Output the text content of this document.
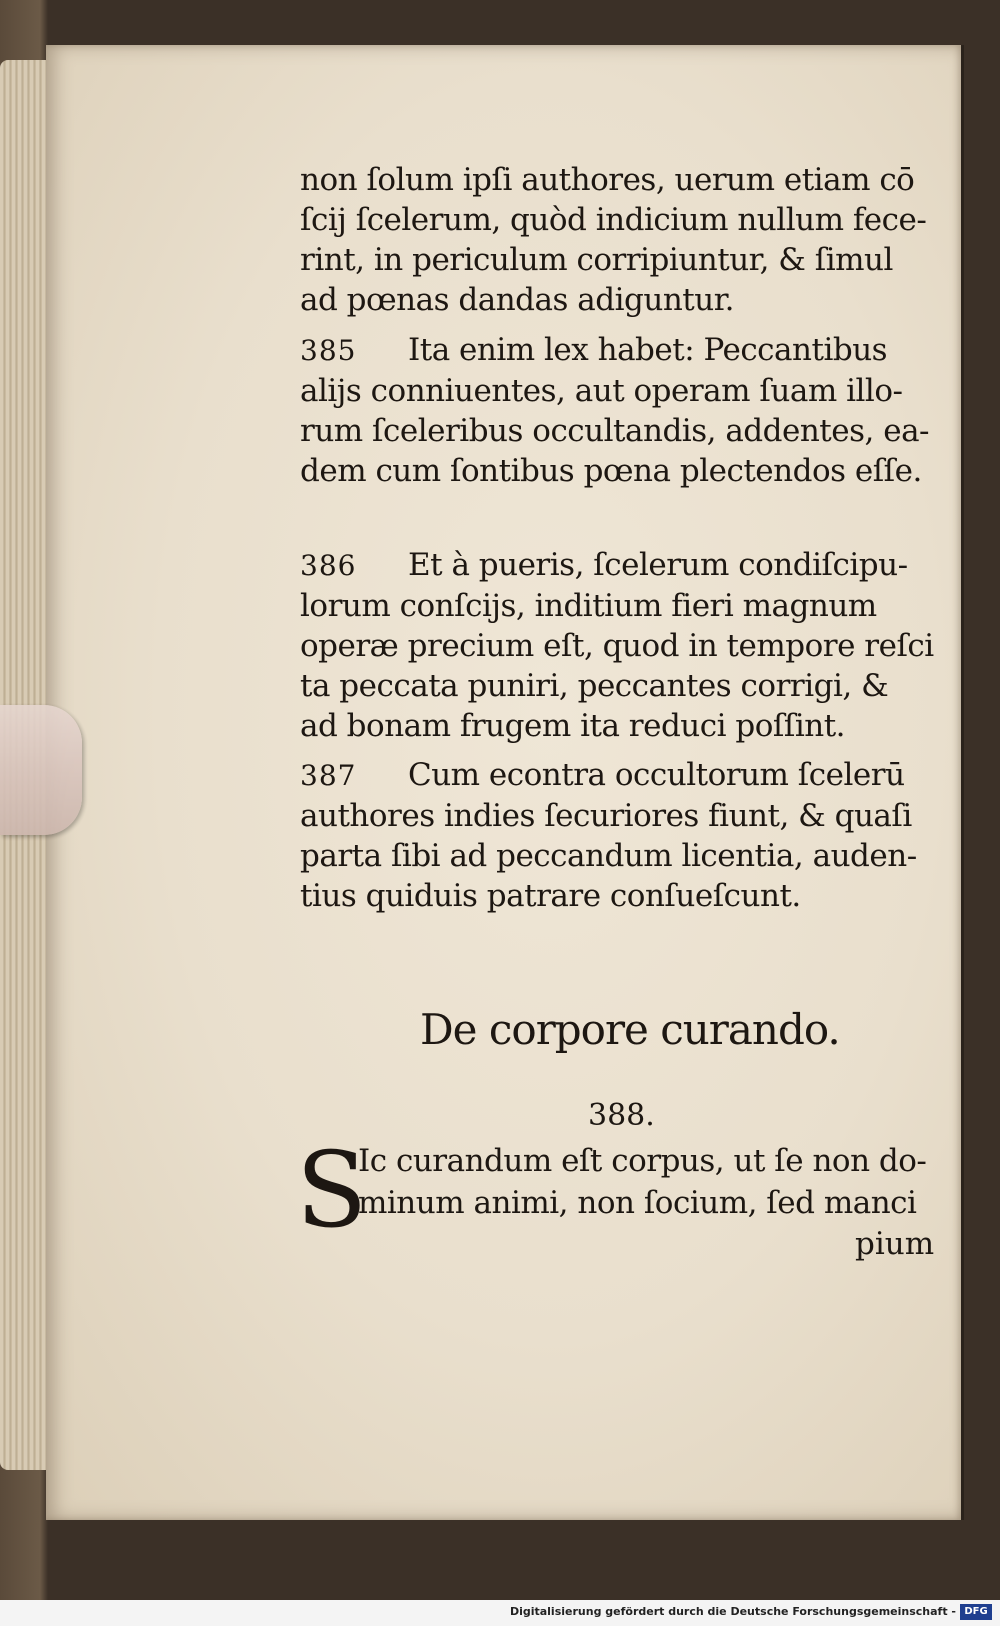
non ſolum ipſi authores, uerum etiam cō

ſcij ſcelerum, quòd indicium nullum fece-

rint, in periculum corripiuntur, & ſimul

ad pœnas dandas adiguntur.

385 Ita enim lex habet: Peccantibus

alijs conniuentes, aut operam ſuam illo-

rum ſceleribus occultandis, addentes, ea-

dem cum ſontibus pœna plectendos eſſe.

386 Et à pueris, ſcelerum condiſcipu-

lorum conſcijs, inditium fieri magnum

operæ precium eſt, quod in tempore reſci

ta peccata puniri, peccantes corrigi, &

ad bonam frugem ita reduci poſſint.

387 Cum econtra occultorum ſcelerū

authores indies ſecuriores fiunt, & quaſi

parta ſibi ad peccandum licentia, auden-

tius quiduis patrare conſueſcunt.

De corpore curando.
388.
S
Ic curandum eſt corpus, ut ſe non do-
minum animi, non ſocium, ſed manci
pium
Digitalisierung gefördert durch die Deutsche Forschungsgemeinschaft - DFG
